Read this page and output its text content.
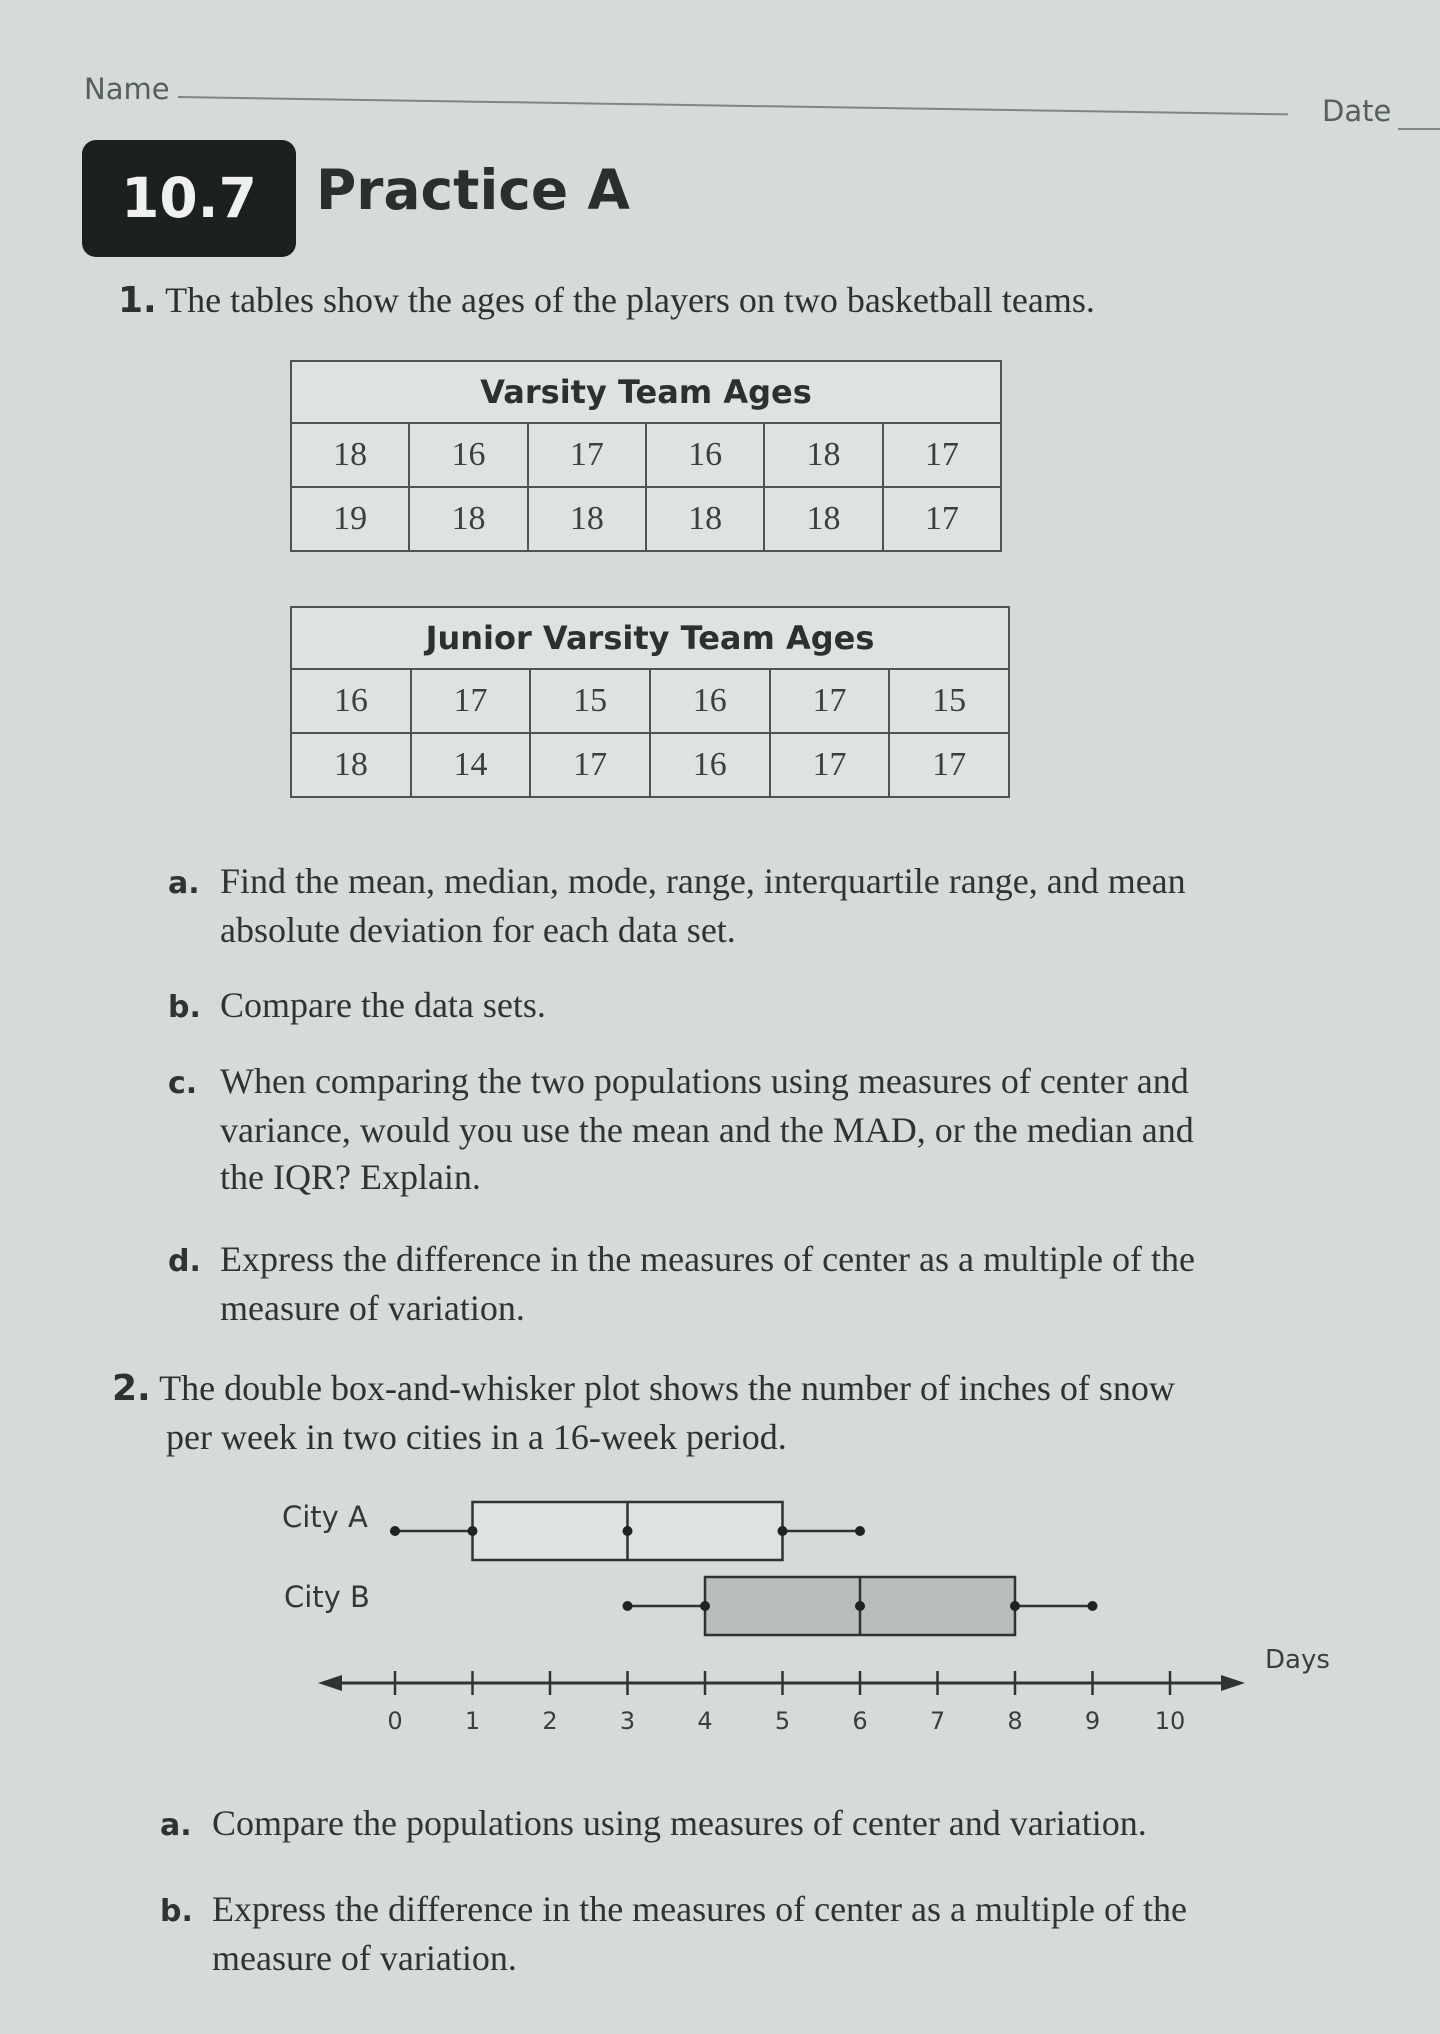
Name
Date
10.7	Practice A
1. The tables show the ages of the players on two basketball teams.
Varsity Team Ages					
18	16	17	16	18	17
19	18	18	18	18	17
Junior Varsity Team Ages					
16	17	15	16	17	15
18	14	17	16	17	17
a. Find the mean, median, mode, range, interquartile range, and mean
absolute deviation for each data set.
b. Compare the data sets.
c. When comparing the two populations using measures of center and
variance, would you use the mean and the MAD, or the median and
the IQR? Explain.
d. Express the difference in the measures of center as a multiple of the
measure of variation.
2. The double box-and-whisker plot shows the number of inches of snow
per week in two cities in a 16-week period.
City A
City B
0	1	2	3	4	5	6	7	8	9 10
Days
a. Compare the populations using measures of center and variation.
b. Express the difference in the measures of center as a multiple of the
measure of variation.
